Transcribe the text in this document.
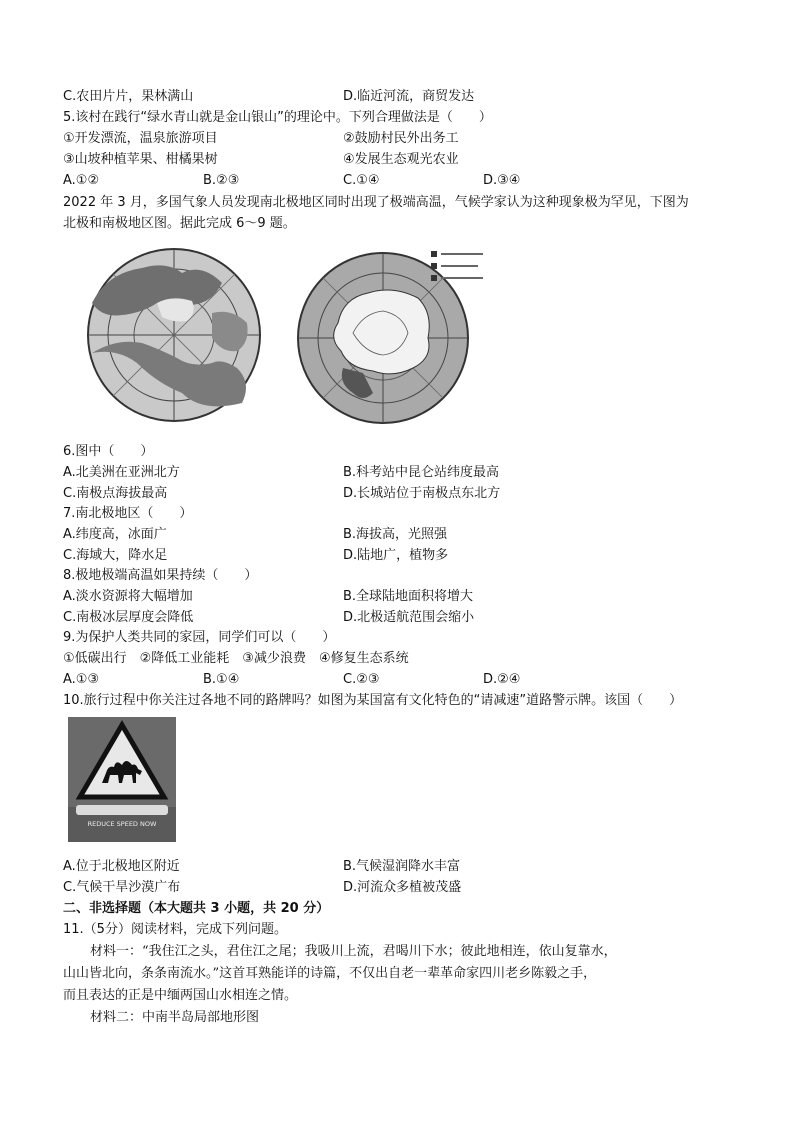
C.农田片片，果林满山	D.临近河流，商贸发达
5.该村在践行“绿水青山就是金山银山”的理论中。下列合理做法是（　　）
①开发漂流，温泉旅游项目	②鼓励村民外出务工
③山坡种植苹果、柑橘果树	④发展生态观光农业
A.①②	B.②③	C.①④	D.③④
2022 年 3 月，多国气象人员发现南北极地区同时出现了极端高温，气候学家认为这种现象极为罕见，下图为
北极和南极地区图。据此完成 6～9 题。
6.图中（　　）
A.北美洲在亚洲北方	B.科考站中昆仑站纬度最高
C.南极点海拔最高	D.长城站位于南极点东北方
7.南北极地区（　　）
A.纬度高，冰面广	B.海拔高，光照强
C.海域大，降水足	D.陆地广，植物多
8.极地极端高温如果持续（　　）
A.淡水资源将大幅增加	B.全球陆地面积将增大
C.南极冰层厚度会降低	D.北极适航范围会缩小
9.为保护人类共同的家园，同学们可以（　　）
①低碳出行　②降低工业能耗　③减少浪费　④修复生态系统
A.①③	B.①④	C.②③	D.②④
10.旅行过程中你关注过各地不同的路牌吗？如图为某国富有文化特色的“请减速”道路警示牌。该国（　　）
REDUCE SPEED NOW
A.位于北极地区附近	B.气候湿润降水丰富
C.气候干旱沙漠广布	D.河流众多植被茂盛
二、非选择题（本大题共 3 小题，共 20 分）
11.（5分）阅读材料，完成下列问题。
材料一：“我住江之头，君住江之尾；我吸川上流，君喝川下水；彼此地相连，依山复靠水，
山山皆北向，条条南流水。”这首耳熟能详的诗篇，不仅出自老一辈革命家四川老乡陈毅之手，
而且表达的正是中缅两国山水相连之情。
材料二：中南半岛局部地形图
